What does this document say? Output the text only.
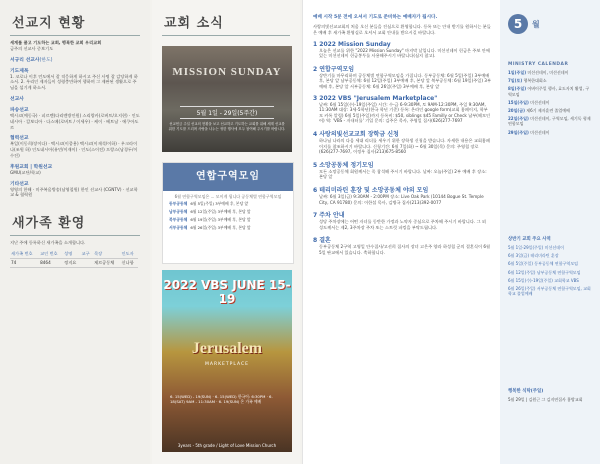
선교지 현황
세계를 품고 기도하는 교회, 행복한 교회 우리교회
금주의 선교사 중보기도
서규리 선교사(한도)
기도제목
1. 코로나 이후 언도에서 잘 적응하게 하시고 주신 사명 잘 감당하게 하소서. 2. 우리인 제자들이 성령충만하여 행하며 그 제판된 생활으로 주님을 섬기게 하소서.
선교사
파송선교
맥시코(예동국) · 피르멘(다리엔방인원) 스리랑카(로버트/오지현) · 인도네시아 · 캄보디아 · 다스메(로버트 / 이세우) · 케이 · 베트남 · 에쿠아도르
협력선교
복일(이동희/장이다) · 맥시코(이종용) 맥시코(이재석/이하) · 우크라이나(조원 하) 인도네시아(유민/이재이) · 인도(스이전) 프랑스(남경두/이 수진)
후원교회 | 학원선교
GMU(교단/학교)
기타선교
영영의 한해 · 미주복음방송(남영철원) 한인 선교사 (CGNTV) · 선교학교 & 협력원
새가족 환영
지난 주에 등록하신 새가족을 소개합니다.
새가족 번호	교인 번호	성명	교구	목장	인도자
74	8464	정지요		제르공동체	신나항
교회 소식
MISSION SUNDAY
5월 1일 - 29일(5주간)
선교헌금 주일 선교의 현황을 보고 선교하고 기도하는 교회를 위해 세계 선교를 위한 기도를 드리며 사랑을 나누는 귀한 행사에 모두 참여해 주시기를 바랍니다.
연합구역모임
6월 연합구역모임은 ... 모이게 됩니다 공동체별 연합구역모임
동부공동체 6월 5일(주일) 3부예배 후, 본당 앞
남부공동체 6월 12일(주일) 3부예배 후, 본당 앞
북부공동체 6월 19일(주일) 3부예배 후, 본당 앞
서부공동체 6월 26일(주일) 3부예배 후, 본당 앞
2022 VBS JUNE 15-19
Jerusalem
MARKETPLACE
6. 15(WED) - 19(SUN) · 6. 15(WED) 한국어: 6:30PM · 6. 18(SAT) 9AM - 11:30AM · 6. 19(SUN) 온 가족 예배
3years - 5th grade / Light of Love Mission Church
예배 시작 5분 전에 오셔서 기도로 준비하는 예배자가 됩시다.
사랑의빛선교교회의 처음 오신 분들을 진심으로 환영합니다. 등록 또는 안내 받기를 원하시는 분들은 예배 후 새가족 환영실로 오셔서 교회 안내를 받으시길 바랍니다.
1 2022 Mission Sunday
오늘은 선교를 위한 "2022 Mission Sunday" 마지막 날입니다. 미션선데이 헌금은 주보 안에 있는 미션선데이 헌금봉투를 사용해주시기 바랍니다(심지 참고).
2 연합구역모임
상반기를 마무리하며 공동체별 연합구역모임을 가집니다. 동부공동체: 6월 5일(주일) 3부예배 후, 본당 앞 남부공동체: 6월 12일(주일) 3부예배 후, 본당 앞 북부공동체: 6월 19일(주일) 3부예배 후, 본당 앞 서부공동체: 6월 26일(주일) 3부예배 후, 본당 앞
3 2022 VBS "Jerusalem Marketplace"
날짜: 6월 15일(수)-19일(주일) 시간: 수-금 6-9:30PM, 토 9AM-12:30PM, 주일 9:30AM, 11:30AM 대상: 3세-5학년(한국 학년 기준) 등록: 온라인 google form(교회 홈페이지, 학부모 카톡 알림) 6월 5일(주일)까지 등록비: $50, siblings $45 Familly or Check 납부(헤모인어) 역: 'VBS - 자내터를' 기입 문의: 김주은 목사, 주영일 집사(626)277-7697
4 사랑의빛선교교회 장학금 신청
하나님 나라의 다음 세대 리더를 세우기 위한 장학생 신청을 받습니다. 자세한 내용은 교회홈페이지를 참조하시기 바랍니다. 신청기간: 6월 7일(화) ~ 6월 30일(목) 문의: 주영철 장로(626)277-7697, 이정우 집사(213)675-8560
5 소망공동체 정기모임
모든 소망공동체 회원께서는 꼭 참석해 주시기 바랍니다. 날짜: 오늘(주일) 2부 예배 후 장소: 본당 앞
6 테리미라틴 훈장 및 소망공동체 야외 모임
날짜: 6월 3일(금) 9:30AM - 2:00PM 장소: Live Oak Park (10144 Bogue St. Temple City, CA 91780) 문의: 이한섭 목사, 김병국 집사(213)392-0077
7 주차 안내
성당 주차장에는 어떤 자녀를 동반한 가정과 노약자 중심으로 주차해 주시기 바랍니다. 그 외 성도께서는 제2, 3주차장 주차 또는 스트릿 파킹을 부탁드립니다.
8 결혼
동부공동체 2구역 고영일 안수집사/고선희 집사의 장녀 고은주 양과 하성철 군의 결혼식이 6월 5일 판교에서 있습니다. 축하합니다.
5	월
MINISTRY CALENDAR
1일(주일) 미션선데이, 미션선데이
7일(토) 행복한대회소
8일(주일) 어버이주일 행사, 효도자치 활업, 구역모임
15일(주일) 미션선데이
20일(금) 제6기 제자훈련 졸업예배
22일(주일) 미션선데이, 구역모임, 세기독 형제연합모임
29일(주일) 미션선데이
상반기 교회 주요 사역
5월 1일-29일(주일) 미션선데이
6월 3일(금) 테리미라틴 훈장
6월 5일(주일) 동부공동체 연합구역모임
6월 12일(주일) 남부공동체 연합구역모임
6월 15일(수)-19일(주일) 교회학교 VBS
6월 26일(주일) 서부공동체 연합구역모임, 교회학교 졸업예배
행복한 식탁(주일)
5월 29일 | 김원근 그 김지연집사 홈밤교회
